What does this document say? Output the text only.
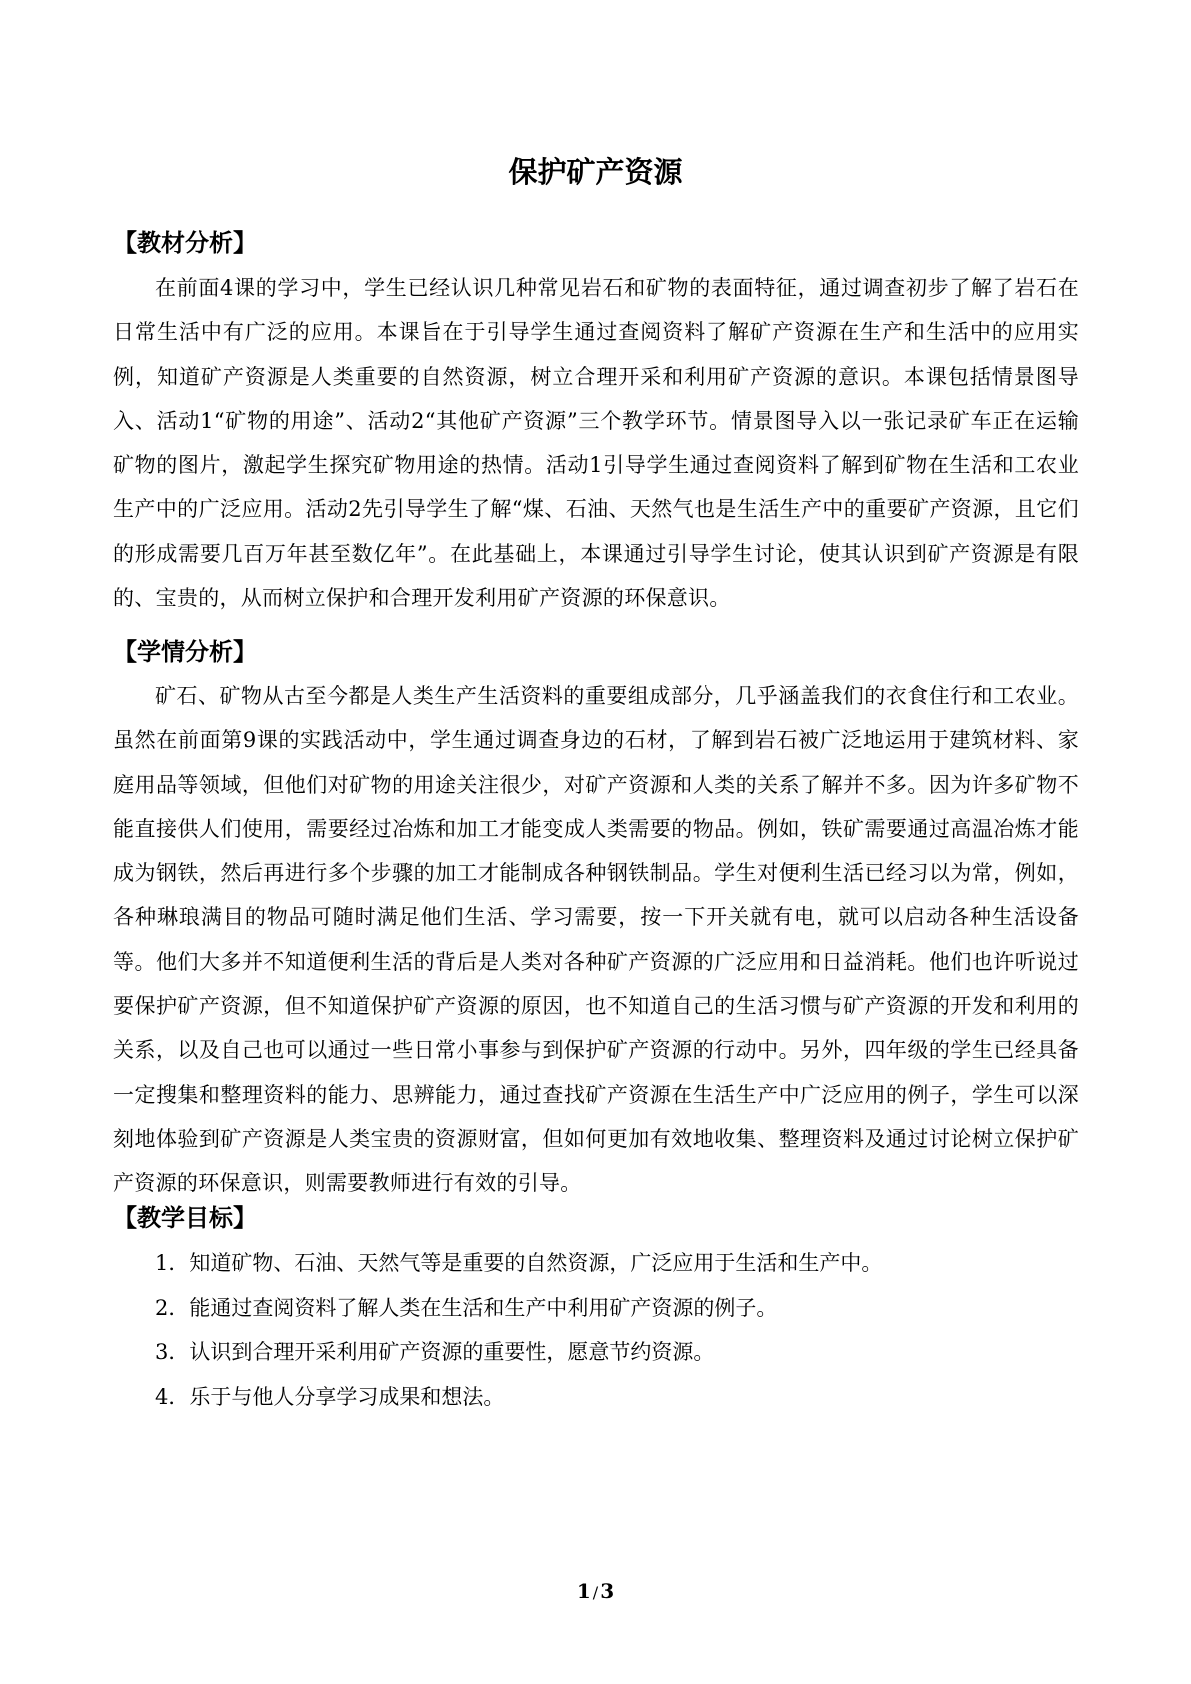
保护矿产资源
【教材分析】

在前面4课的学习中，学生已经认识几种常见岩石和矿物的表面特征，通过调查初步了解了岩石在日常生活中有广泛的应用。本课旨在于引导学生通过查阅资料了解矿产资源在生产和生活中的应用实例，知道矿产资源是人类重要的自然资源，树立合理开采和利用矿产资源的意识。本课包括情景图导入、活动1“矿物的用途”、活动2“其他矿产资源”三个教学环节。情景图导入以一张记录矿车正在运输矿物的图片，激起学生探究矿物用途的热情。活动1引导学生通过查阅资料了解到矿物在生活和工农业生产中的广泛应用。活动2先引导学生了解“煤、石油、天然气也是生活生产中的重要矿产资源，且它们的形成需要几百万年甚至数亿年”。在此基础上，本课通过引导学生讨论，使其认识到矿产资源是有限的、宝贵的，从而树立保护和合理开发利用矿产资源的环保意识。

【学情分析】

矿石、矿物从古至今都是人类生产生活资料的重要组成部分，几乎涵盖我们的衣食住行和工农业。虽然在前面第9课的实践活动中，学生通过调查身边的石材，了解到岩石被广泛地运用于建筑材料、家庭用品等领域，但他们对矿物的用途关注很少，对矿产资源和人类的关系了解并不多。因为许多矿物不能直接供人们使用，需要经过冶炼和加工才能变成人类需要的物品。例如，铁矿需要通过高温冶炼才能成为钢铁，然后再进行多个步骤的加工才能制成各种钢铁制品。学生对便利生活已经习以为常，例如，各种琳琅满目的物品可随时满足他们生活、学习需要，按一下开关就有电，就可以启动各种生活设备等。他们大多并不知道便利生活的背后是人类对各种矿产资源的广泛应用和日益消耗。他们也许听说过要保护矿产资源，但不知道保护矿产资源的原因，也不知道自己的生活习惯与矿产资源的开发和利用的关系，以及自己也可以通过一些日常小事参与到保护矿产资源的行动中。另外，四年级的学生已经具备一定搜集和整理资料的能力、思辨能力，通过查找矿产资源在生活生产中广泛应用的例子，学生可以深刻地体验到矿产资源是人类宝贵的资源财富，但如何更加有效地收集、整理资料及通过讨论树立保护矿产资源的环保意识，则需要教师进行有效的引导。

【教学目标】
1． 知道矿物、石油、天然气等是重要的自然资源，广泛应用于生活和生产中。
2． 能通过查阅资料了解人类在生活和生产中利用矿产资源的例子。
3． 认识到合理开采利用矿产资源的重要性，愿意节约资源。
4． 乐于与他人分享学习成果和想法。
1 / 3
